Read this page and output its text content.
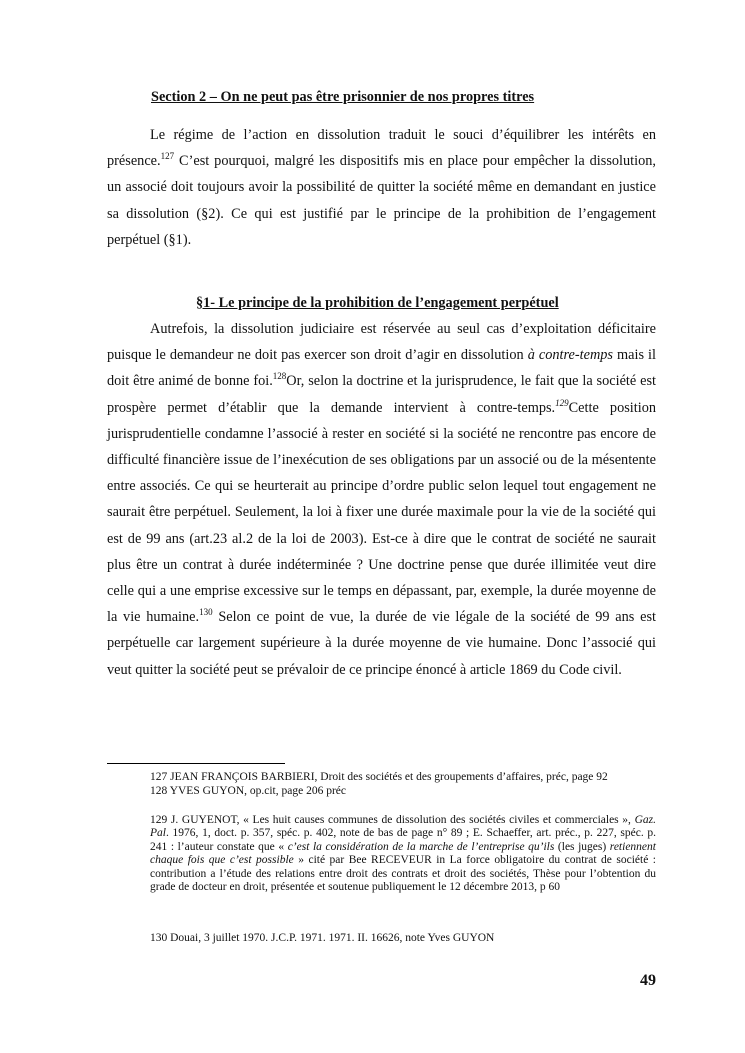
Section 2 – On ne peut pas être prisonnier de nos propres titres

Le régime de l’action en dissolution traduit le souci d’équilibrer les intérêts en présence.$^{127}$ C’est pourquoi, malgré les dispositifs mis en place pour empêcher la dissolution, un associé doit toujours avoir la possibilité de quitter la société même en demandant en justice sa dissolution (§2). Ce qui est justifié par le principe de la prohibition de l’engagement perpétuel (§1).

§1- Le principe de la prohibition de l’engagement perpétuel

Autrefois, la dissolution judiciaire est réservée au seul cas d’exploitation déficitaire puisque le demandeur ne doit pas exercer son droit d’agir en dissolution à contre-temps mais il doit être animé de bonne foi.$^{128}$Or, selon la doctrine et la jurisprudence, le fait que la société est prospère permet d’établir que la demande intervient à contre-temps.$^{129}$Cette position jurisprudentielle condamne l’associé à rester en société si la société ne rencontre pas encore de difficulté financière issue de l’inexécution de ses obligations par un associé ou de la mésentente entre associés. Ce qui se heurterait au principe d’ordre public selon lequel tout engagement ne saurait être perpétuel. Seulement, la loi à fixer une durée maximale pour la vie de la société qui est de 99 ans (art.23 al.2 de la loi de 2003). Est-ce à dire que le contrat de société ne saurait plus être un contrat à durée indéterminée ? Une doctrine pense que durée illimitée veut dire celle qui a une emprise excessive sur le temps en dépassant, par, exemple, la durée moyenne de la vie humaine.$^{130}$ Selon ce point de vue, la durée de vie légale de la société de 99 ans est perpétuelle car largement supérieure à la durée moyenne de vie humaine. Donc l’associé qui veut quitter la société peut se prévaloir de ce principe énoncé à article 1869 du Code civil.

127 JEAN FRANÇOIS BARBIERI, Droit des sociétés et des groupements d’affaires, préc, page 92

128 YVES GUYON, op.cit, page 206 préc

129 J. GUYENOT, « Les huit causes communes de dissolution des sociétés civiles et commerciales », Gaz. Pal. 1976, 1, doct. p. 357, spéc. p. 402, note de bas de page n° 89 ; E. Schaeffer, art. préc., p. 227, spéc. p. 241 : l’auteur constate que « c’est la considération de la marche de l’entreprise qu’ils (les juges) retiennent chaque fois que c’est possible » cité par Bee RECEVEUR in La force obligatoire du contrat de société : contribution a l’étude des relations entre droit des contrats et droit des sociétés, Thèse pour l’obtention du grade de docteur en droit, présentée et soutenue publiquement le 12 décembre 2013, p 60

130 Douai, 3 juillet 1970. J.C.P. 1971. 1971. II. 16626, note Yves GUYON

49
